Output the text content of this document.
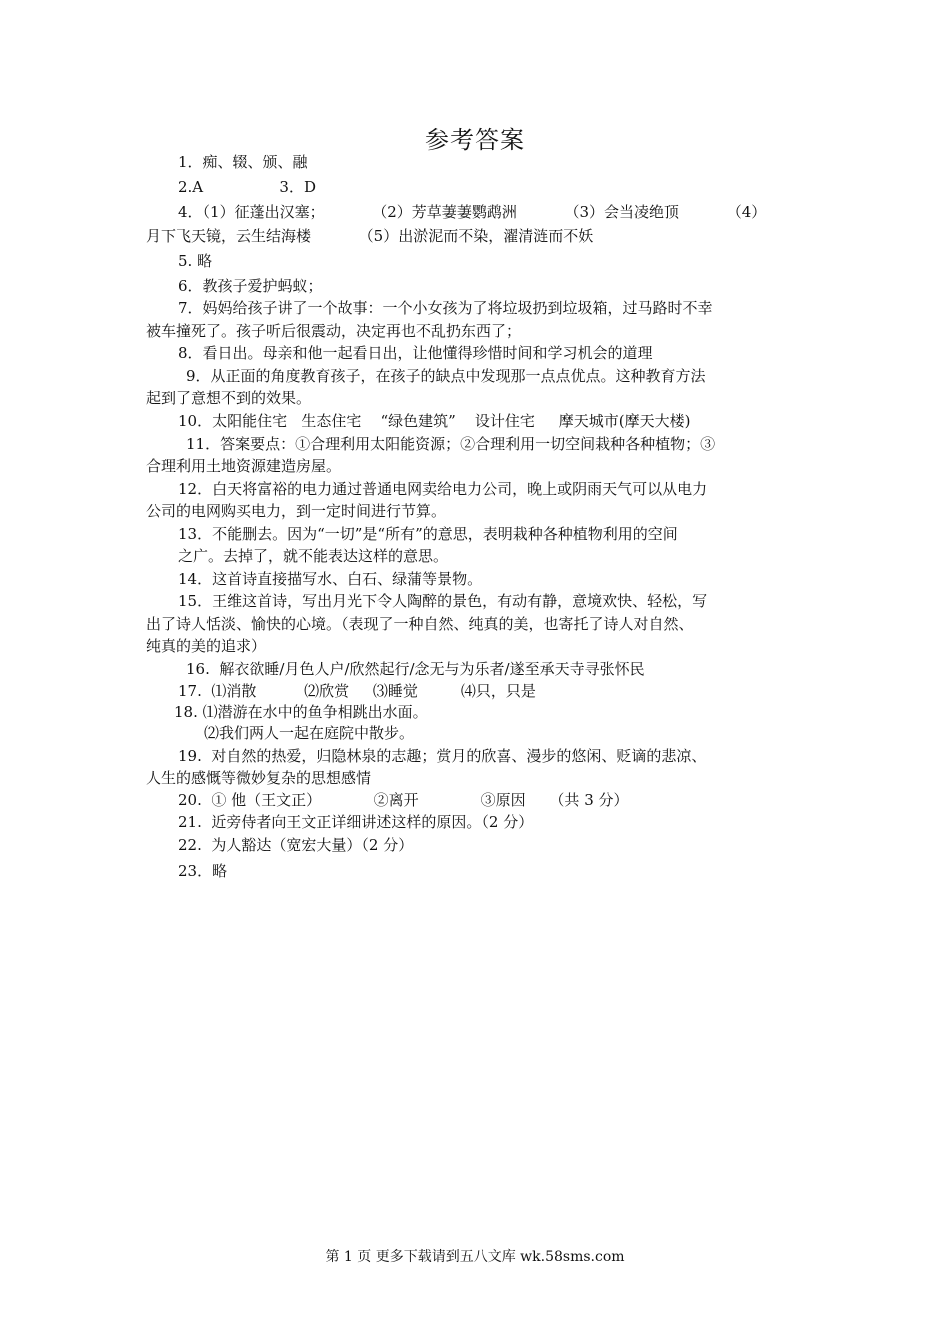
参考答案
1．痴、辍、颁、融
2.A                3．D
4．（1）征蓬出汉塞；          （2）芳草萋萋鹦鹉洲          （3）会当凌绝顶          （4）
月下飞天镜，云生结海楼          （5）出淤泥而不染，濯清涟而不妖
5. 略
6．教孩子爱护蚂蚁；
7．妈妈给孩子讲了一个故事：一个小女孩为了将垃圾扔到垃圾箱，过马路时不幸
被车撞死了。孩子听后很震动，决定再也不乱扔东西了；
8．看日出。母亲和他一起看日出，让他懂得珍惜时间和学习机会的道理
9．从正面的角度教育孩子，在孩子的缺点中发现那一点点优点。这种教育方法
起到了意想不到的效果。
10．太阳能住宅   生态住宅    “绿色建筑”    设计住宅     摩天城市(摩天大楼)
11．答案要点：①合理利用太阳能资源；②合理利用一切空间栽种各种植物；③
合理利用土地资源建造房屋。
12．白天将富裕的电力通过普通电网卖给电力公司，晚上或阴雨天气可以从电力
公司的电网购买电力，到一定时间进行节算。
13．不能删去。因为“一切”是“所有”的意思，表明栽种各种植物利用的空间
之广。去掉了，就不能表达这样的意思。
14．这首诗直接描写水、白石、绿蒲等景物。
15．王维这首诗，写出月光下令人陶醉的景色，有动有静，意境欢快、轻松，写
出了诗人恬淡、愉快的心境。（表现了一种自然、纯真的美，也寄托了诗人对自然、
纯真的美的追求）
16.  解衣欲睡/月色人户/欣然起行/念无与为乐者/遂至承天寺寻张怀民
17.  ⑴消散          ⑵欣赏     ⑶睡觉         ⑷只，只是
18. ⑴潜游在水中的鱼争相跳出水面。
⑵我们两人一起在庭院中散步。
19.  对自然的热爱，归隐林泉的志趣；赏月的欣喜、漫步的悠闲、贬谪的悲凉、
人生的感慨等微妙复杂的思想感情
20.  ① 他（王文正）           ②离开             ③原因     （共 3 分）
21.  近旁侍者向王文正详细讲述这样的原因。（2 分）
22.  为人豁达（宽宏大量）（2 分）
23．略
第 1 页 更多下载请到五八文库 wk.58sms.com
